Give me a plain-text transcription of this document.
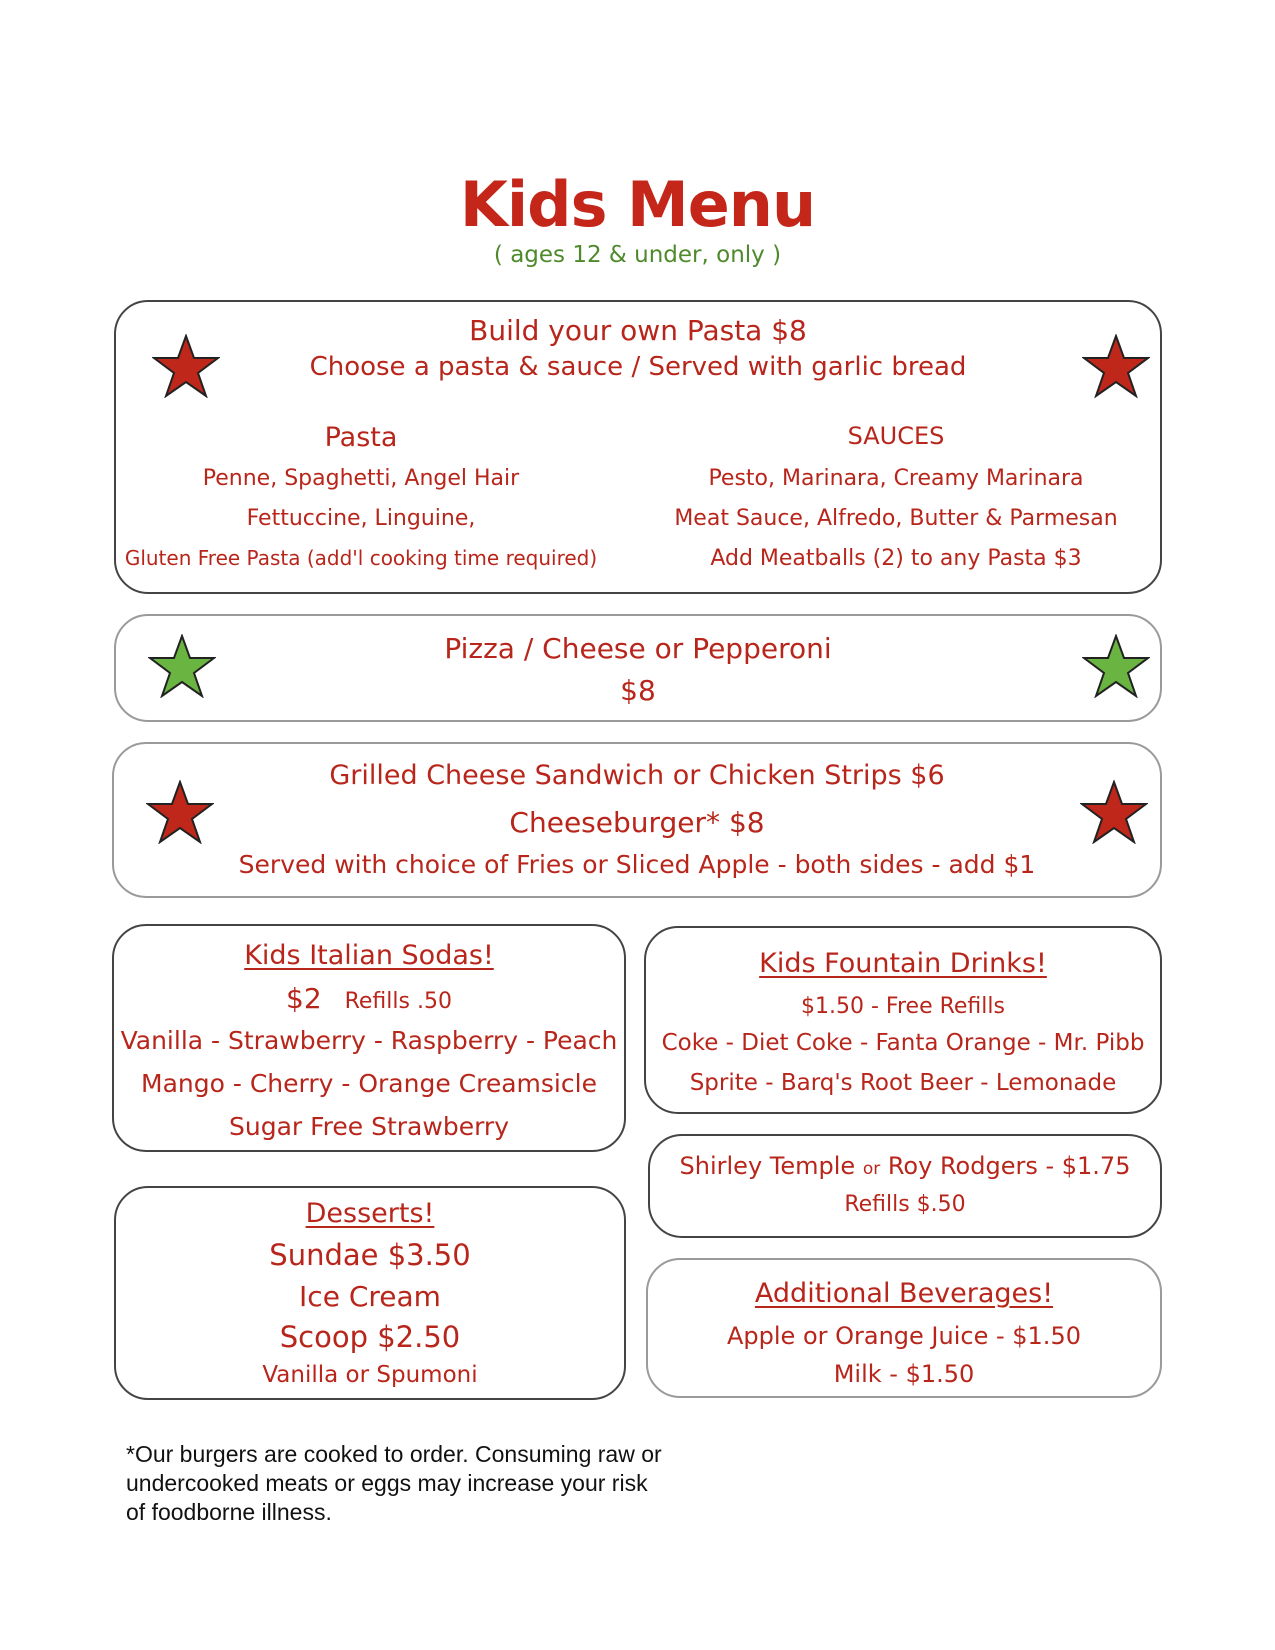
Kids Menu
( ages 12 & under, only )
Build your own Pasta $8
Choose a pasta & sauce / Served with garlic bread
Pasta
Penne, Spaghetti, Angel Hair
Fettuccine, Linguine,
Gluten Free Pasta (add'l cooking time required)
SAUCES
Pesto, Marinara, Creamy Marinara
Meat Sauce, Alfredo, Butter & Parmesan
Add Meatballs (2) to any Pasta $3
Pizza / Cheese or Pepperoni
$8
Grilled Cheese Sandwich or Chicken Strips $6
Cheeseburger* $8
Served with choice of Fries or Sliced Apple - both sides - add $1
Kids Italian Sodas!
$2 Refills .50
Vanilla - Strawberry - Raspberry - Peach
Mango - Cherry - Orange Creamsicle
Sugar Free Strawberry
Kids Fountain Drinks!
$1.50 - Free Refills
Coke - Diet Coke - Fanta Orange - Mr. Pibb
Sprite - Barq's Root Beer - Lemonade
Shirley Temple or Roy Rodgers - $1.75
Refills $.50
Desserts!
Sundae $3.50
Ice Cream
Scoop $2.50
Vanilla or Spumoni
Additional Beverages!
Apple or Orange Juice - $1.50
Milk - $1.50
*Our burgers are cooked to order. Consuming raw or undercooked meats or eggs may increase your risk of foodborne illness.
